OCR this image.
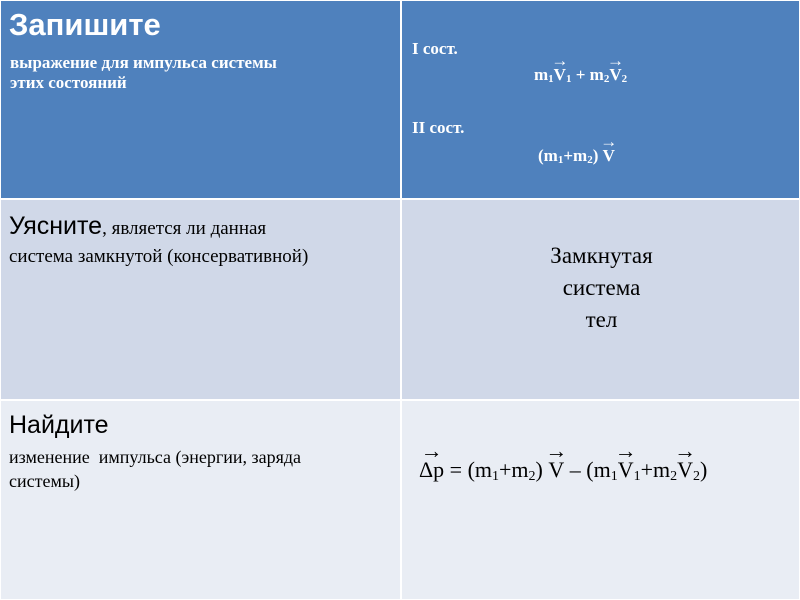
Запишите
выражение для импульса системы
этих состояний
I сост.
$m_1\to V_1 + m_2\to V_2$
II сост.
$(m_1+m_2) \to V$
Уясните, является ли данная
система замкнутой (консервативной)	Замкнутая
система
тел
Найдите
изменение  импульса (энергии, заряда
системы)
→	$\Delta p = (m_1+m_2) \to V - (m_1\to V_1+m_2\to V_2)$
